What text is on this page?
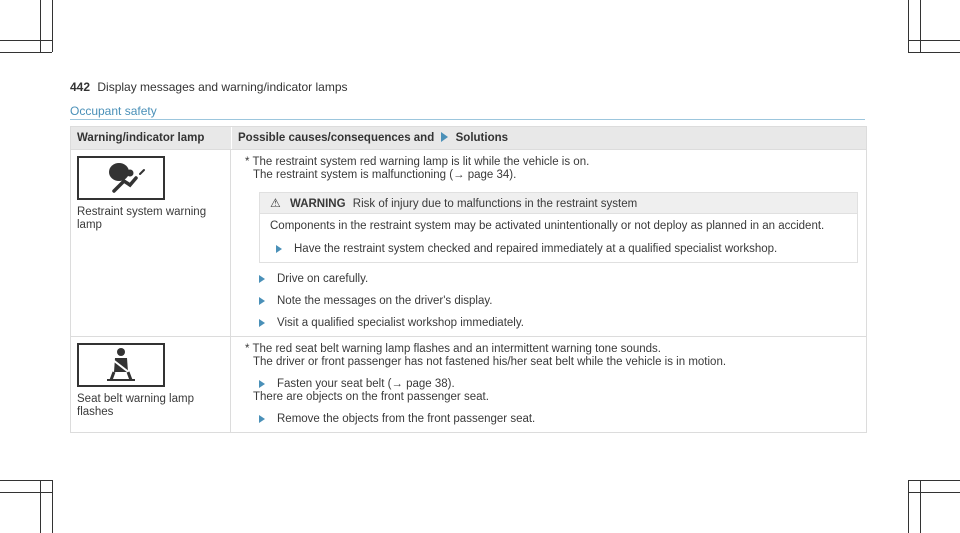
442 Display messages and warning/indicator lamps
Occupant safety
Warning/indicator lamp	Possible causes/consequences and Solutions
Restraint system warning lamp
* The restraint system red warning lamp is lit while the vehicle is on.
The restraint system is malfunctioning (→ page 34).
⚠ WARNING Risk of injury due to malfunctions in the restraint system
Components in the restraint system may be activated unintentionally or not deploy as planned in an accident.
Have the restraint system checked and repaired immediately at a qualified specialist workshop.
Drive on carefully.
Note the messages on the driver's display.
Visit a qualified specialist workshop immediately.
Seat belt warning lamp flashes
* The red seat belt warning lamp flashes and an intermittent warning tone sounds.
The driver or front passenger has not fastened his/her seat belt while the vehicle is in motion.
Fasten your seat belt (→ page 38).
There are objects on the front passenger seat.
Remove the objects from the front passenger seat.
